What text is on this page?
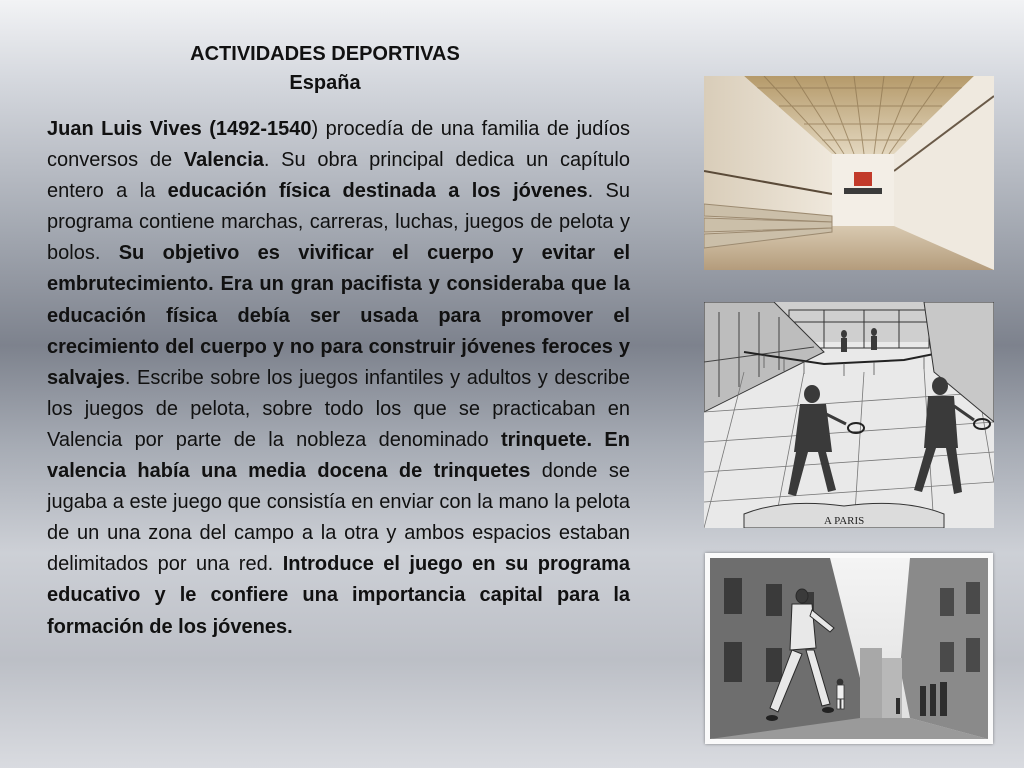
ACTIVIDADES DEPORTIVAS
España
Juan Luis Vives (1492-1540) procedía de una familia de judíos conversos de Valencia. Su obra principal dedica un capítulo entero a la educación física destinada a los jóvenes. Su programa contiene marchas, carreras, luchas, juegos de pelota y bolos. Su objetivo es vivificar el cuerpo y evitar el embrutecimiento. Era un gran pacifista y consideraba que la educación física debía ser usada para promover el crecimiento del cuerpo y no para construir jóvenes feroces y salvajes. Escribe sobre los juegos infantiles y adultos y describe los juegos de pelota, sobre todo los que se practicaban en Valencia por parte de la nobleza denominado trinquete. En valencia había una media docena de trinquetes donde se jugaba a este juego que consistía en enviar con la mano la pelota de un una zona del campo a la otra y ambos espacios estaban delimitados por una red. Introduce el juego en su programa educativo y le confiere una importancia capital para la formación de los jóvenes.
A PARIS
